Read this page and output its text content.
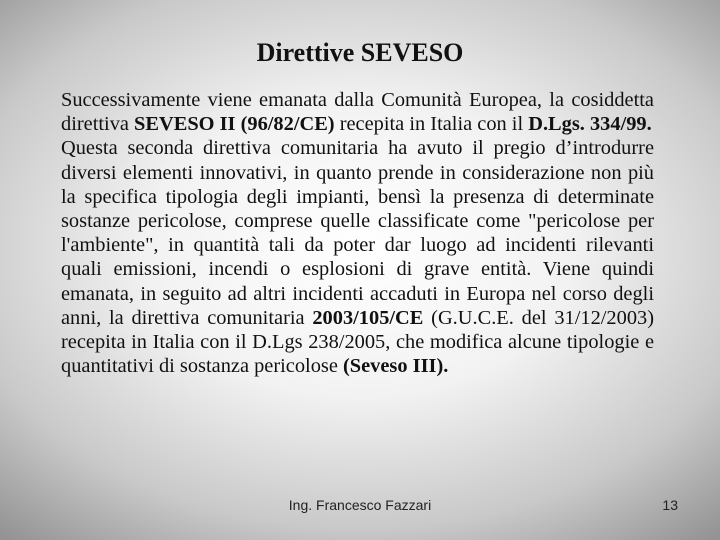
Direttive SEVESO

Successivamente viene emanata dalla Comunità Europea, la cosiddetta direttiva SEVESO II (96/82/CE) recepita in Italia con il D.Lgs. 334/99.

Questa seconda direttiva comunitaria ha avuto il pregio d’introdurre diversi elementi innovativi, in quanto prende in considerazione non più la specifica tipologia degli impianti, bensì la presenza di determinate sostanze pericolose, comprese quelle classificate come "pericolose per l'ambiente", in quantità tali da poter dar luogo ad incidenti rilevanti quali emissioni, incendi o esplosioni di grave entità. Viene quindi emanata, in seguito ad altri incidenti accaduti in Europa nel corso degli anni, la direttiva comunitaria 2003/105/CE (G.U.C.E. del 31/12/2003) recepita in Italia con il D.Lgs 238/2005, che modifica alcune tipologie e quantitativi di sostanza pericolose (Seveso III).

Ing. Francesco Fazzari	13
